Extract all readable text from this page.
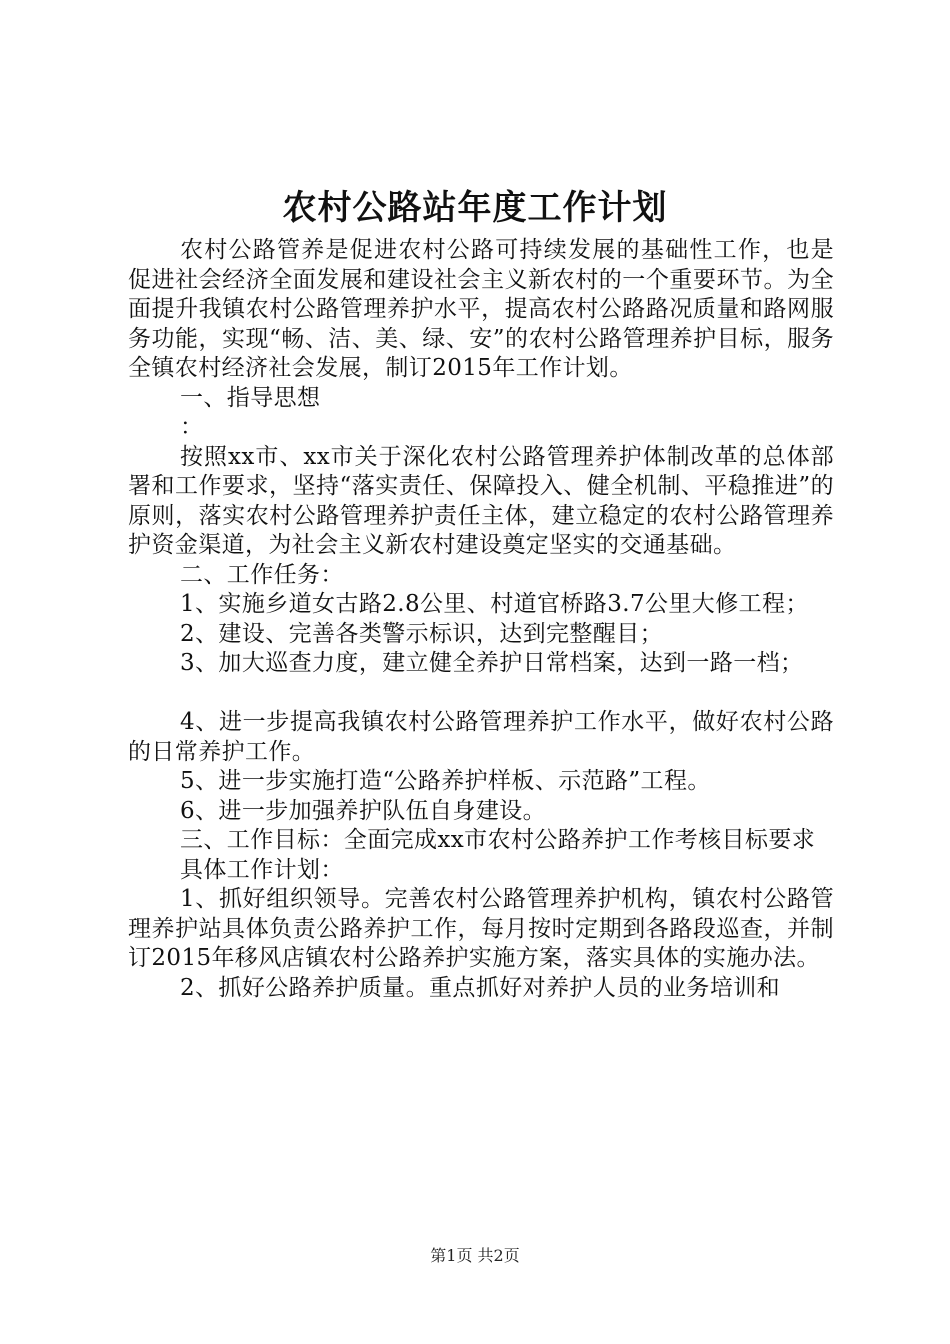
农村公路站年度工作计划

农村公路管养是促进农村公路可持续发展的基础性工作，也是促进社会经济全面发展和建设社会主义新农村的一个重要环节。为全面提升我镇农村公路管理养护水平，提高农村公路路况质量和路网服务功能，实现“畅、洁、美、绿、安”的农村公路管理养护目标，服务全镇农村经济社会发展，制订2015年工作计划。

一、指导思想

：

按照xx市、xx市关于深化农村公路管理养护体制改革的总体部署和工作要求，坚持“落实责任、保障投入、健全机制、平稳推进”的原则，落实农村公路管理养护责任主体，建立稳定的农村公路管理养护资金渠道，为社会主义新农村建设奠定坚实的交通基础。

二、工作任务：

1、实施乡道女古路2.8公里、村道官桥路3.7公里大修工程；

2、建设、完善各类警示标识，达到完整醒目；

3、加大巡查力度，建立健全养护日常档案，达到一路一档；

4、进一步提高我镇农村公路管理养护工作水平，做好农村公路的日常养护工作。

5、进一步实施打造“公路养护样板、示范路”工程。

6、进一步加强养护队伍自身建设。

三、工作目标：全面完成xx市农村公路养护工作考核目标要求

具体工作计划：

1、抓好组织领导。完善农村公路管理养护机构，镇农村公路管理养护站具体负责公路养护工作，每月按时定期到各路段巡查，并制订2015年移风店镇农村公路养护实施方案，落实具体的实施办法。

2、抓好公路养护质量。重点抓好对养护人员的业务培训和

第1页 共2页
